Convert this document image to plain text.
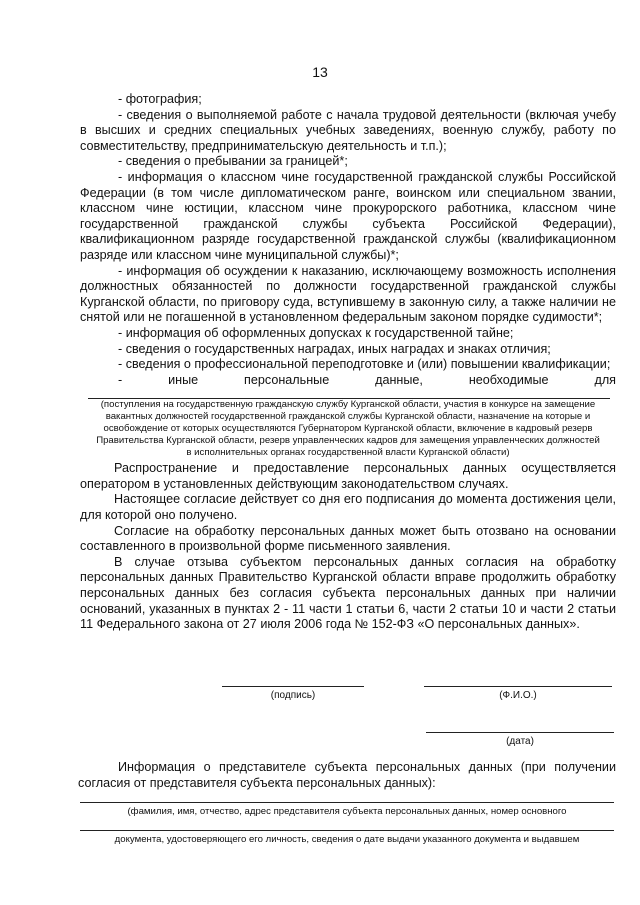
13

- фотография;

- сведения о выполняемой работе с начала трудовой деятельности (включая учебу в высших и средних специальных учебных заведениях, военную службу, работу по совместительству, предпринимательскую деятельность и т.п.);

- сведения о пребывании за границей*;

- информация о классном чине государственной гражданской службы Российской Федерации (в том числе дипломатическом ранге, воинском или специальном звании, классном чине юстиции, классном чине прокурорского работника, классном чине государственной гражданской службы субъекта Российской Федерации), квалификационном разряде государственной гражданской службы (квалификационном разряде или классном чине муниципальной службы)*;

- информация об осуждении к наказанию, исключающему возможность исполнения должностных обязанностей по должности государственной гражданской службы Курганской области, по приговору суда, вступившему в законную силу, а также наличии не снятой или не погашенной в установленном федеральным законом порядке судимости*;

- информация об оформленных допусках к государственной тайне;

- сведения о государственных наградах, иных наградах и знаках отличия;

- сведения о профессиональной переподготовке и (или) повышении квалификации;

- иные персональные данные, необходимые для

(поступления на государственную гражданскую службу Курганской области, участия в конкурсе на замещение вакантных должностей государственной гражданской службы Курганской области, назначение на которые и освобождение от которых осуществляются Губернатором Курганской области, включение в кадровый резерв Правительства Курганской области, резерв управленческих кадров для замещения управленческих должностей в исполнительных органах государственной власти Курганской области)

Распространение и предоставление персональных данных осуществляется оператором в установленных действующим законодательством случаях.

Настоящее согласие действует со дня его подписания до момента достижения цели, для которой оно получено.

Согласие на обработку персональных данных может быть отозвано на основании составленного в произвольной форме письменного заявления.

В случае отзыва субъектом персональных данных согласия на обработку персональных данных Правительство Курганской области вправе продолжить обработку персональных данных без согласия субъекта персональных данных при наличии оснований, указанных в пунктах 2 - 11 части 1 статьи 6, части 2 статьи 10 и части 2 статьи 11 Федерального закона от 27 июля 2006 года № 152-ФЗ «О персональных данных».

(подпись)	(Ф.И.О.)
(дата)

Информация о представителе субъекта персональных данных (при получении согласия от представителя субъекта персональных данных):

(фамилия, имя, отчество, адрес представителя субъекта персональных данных, номер основного
документа, удостоверяющего его личность, сведения о дате выдачи указанного документа и выдавшем
